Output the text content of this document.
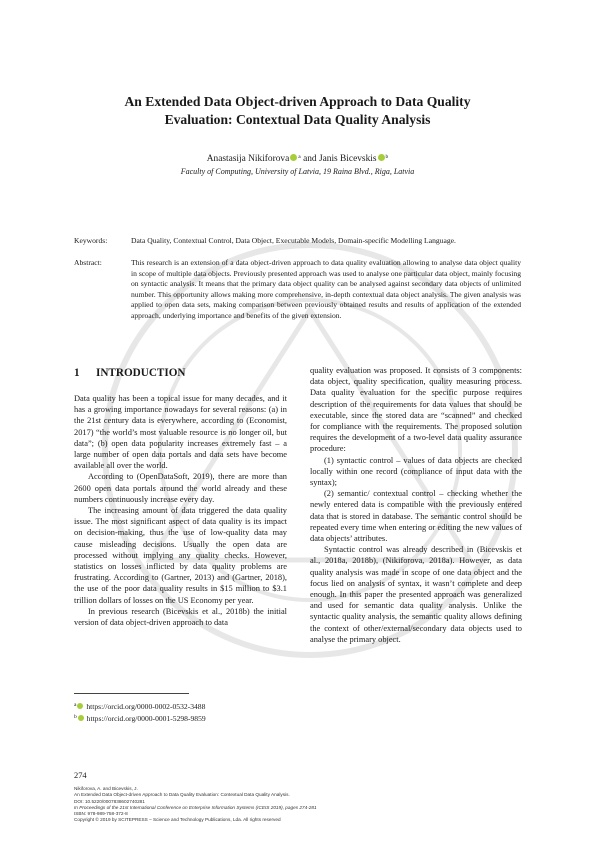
An Extended Data Object-driven Approach to Data Quality
Evaluation: Contextual Data Quality Analysis
Anastasija Nikiforova $^a$ and Janis Bicevskis $^b$
Faculty of Computing, University of Latvia, 19 Raina Blvd., Riga, Latvia
Keywords:	Data Quality, Contextual Control, Data Object, Executable Models, Domain-specific Modelling Language.
Abstract:	This research is an extension of a data object-driven approach to data quality evaluation allowing to analyse data object quality in scope of multiple data objects. Previously presented approach was used to analyse one particular data object, mainly focusing on syntactic analysis. It means that the primary data object quality can be analysed against secondary data objects of unlimited number. This opportunity allows making more comprehensive, in-depth contextual data object analysis. The given analysis was applied to open data sets, making comparison between previously obtained results and results of application of the extended approach, underlying importance and benefits of the given extension.
1 INTRODUCTION

Data quality has been a topical issue for many decades, and it has a growing importance nowadays for several reasons: (a) in the 21st century data is everywhere, according to (Economist, 2017) “the world’s most valuable resource is no longer oil, but data”; (b) open data popularity increases extremely fast – a large number of open data portals and data sets have become available all over the world.

According to (OpenDataSoft, 2019), there are more than 2600 open data portals around the world already and these numbers continuously increase every day.

The increasing amount of data triggered the data quality issue. The most significant aspect of data quality is its impact on decision-making, thus the use of low-quality data may cause misleading decisions. Usually the open data are processed without implying any quality checks. However, statistics on losses inflicted by data quality problems are frustrating. According to (Gartner, 2013) and (Gartner, 2018), the use of the poor data quality results in $15 million to $3.1 trillion dollars of losses on the US Economy per year.

In previous research (Bicevskis et al., 2018b) the initial version of data object-driven approach to data

quality evaluation was proposed. It consists of 3 components: data object, quality specification, quality measuring process. Data quality evaluation for the specific purpose requires description of the requirements for data values that should be executable, since the stored data are “scanned” and checked for compliance with the requirements. The proposed solution requires the development of a two-level data quality assurance procedure:

(1) syntactic control – values of data objects are checked locally within one record (compliance of input data with the syntax);

(2) semantic/ contextual control – checking whether the newly entered data is compatible with the previously entered data that is stored in database. The semantic control should be repeated every time when entering or editing the new values of data objects’ attributes.

Syntactic control was already described in (Bicevskis et al., 2018a, 2018b), (Nikiforova, 2018a). However, as data quality analysis was made in scope of one data object and the focus lied on analysis of syntax, it wasn’t complete and deep enough. In this paper the presented approach was generalized and used for semantic data quality analysis. Unlike the syntactic quality analysis, the semantic quality allows defining the context of other/external/secondary data objects used to analyse the primary object.

$^a$ https://orcid.org/0000-0002-0532-3488
$^b$ https://orcid.org/0000-0001-5298-9859
274
Nikiforova, A. and Bicevskis, J.
An Extended Data Object-driven Approach to Data Quality Evaluation: Contextual Data Quality Analysis.
DOI: 10.5220/0007838602740281
In Proceedings of the 21st International Conference on Enterprise Information Systems (ICEIS 2019), pages 274-281
ISBN: 978-989-758-372-8
Copyright © 2019 by SCITEPRESS – Science and Technology Publications, Lda. All rights reserved
